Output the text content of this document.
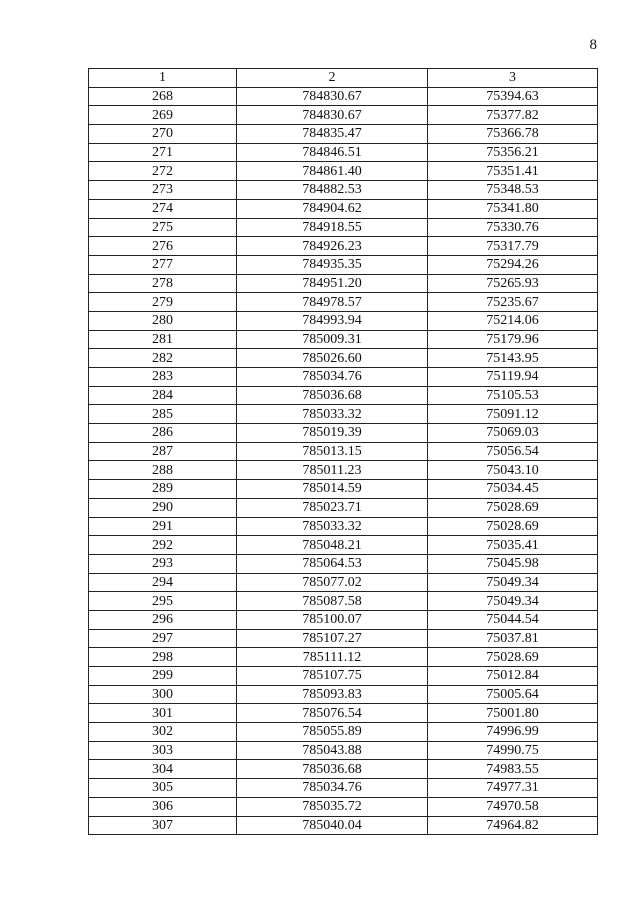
8
1	2	3
268	784830.67	75394.63
269	784830.67	75377.82
270	784835.47	75366.78
271	784846.51	75356.21
272	784861.40	75351.41
273	784882.53	75348.53
274	784904.62	75341.80
275	784918.55	75330.76
276	784926.23	75317.79
277	784935.35	75294.26
278	784951.20	75265.93
279	784978.57	75235.67
280	784993.94	75214.06
281	785009.31	75179.96
282	785026.60	75143.95
283	785034.76	75119.94
284	785036.68	75105.53
285	785033.32	75091.12
286	785019.39	75069.03
287	785013.15	75056.54
288	785011.23	75043.10
289	785014.59	75034.45
290	785023.71	75028.69
291	785033.32	75028.69
292	785048.21	75035.41
293	785064.53	75045.98
294	785077.02	75049.34
295	785087.58	75049.34
296	785100.07	75044.54
297	785107.27	75037.81
298	785111.12	75028.69
299	785107.75	75012.84
300	785093.83	75005.64
301	785076.54	75001.80
302	785055.89	74996.99
303	785043.88	74990.75
304	785036.68	74983.55
305	785034.76	74977.31
306	785035.72	74970.58
307	785040.04	74964.82
